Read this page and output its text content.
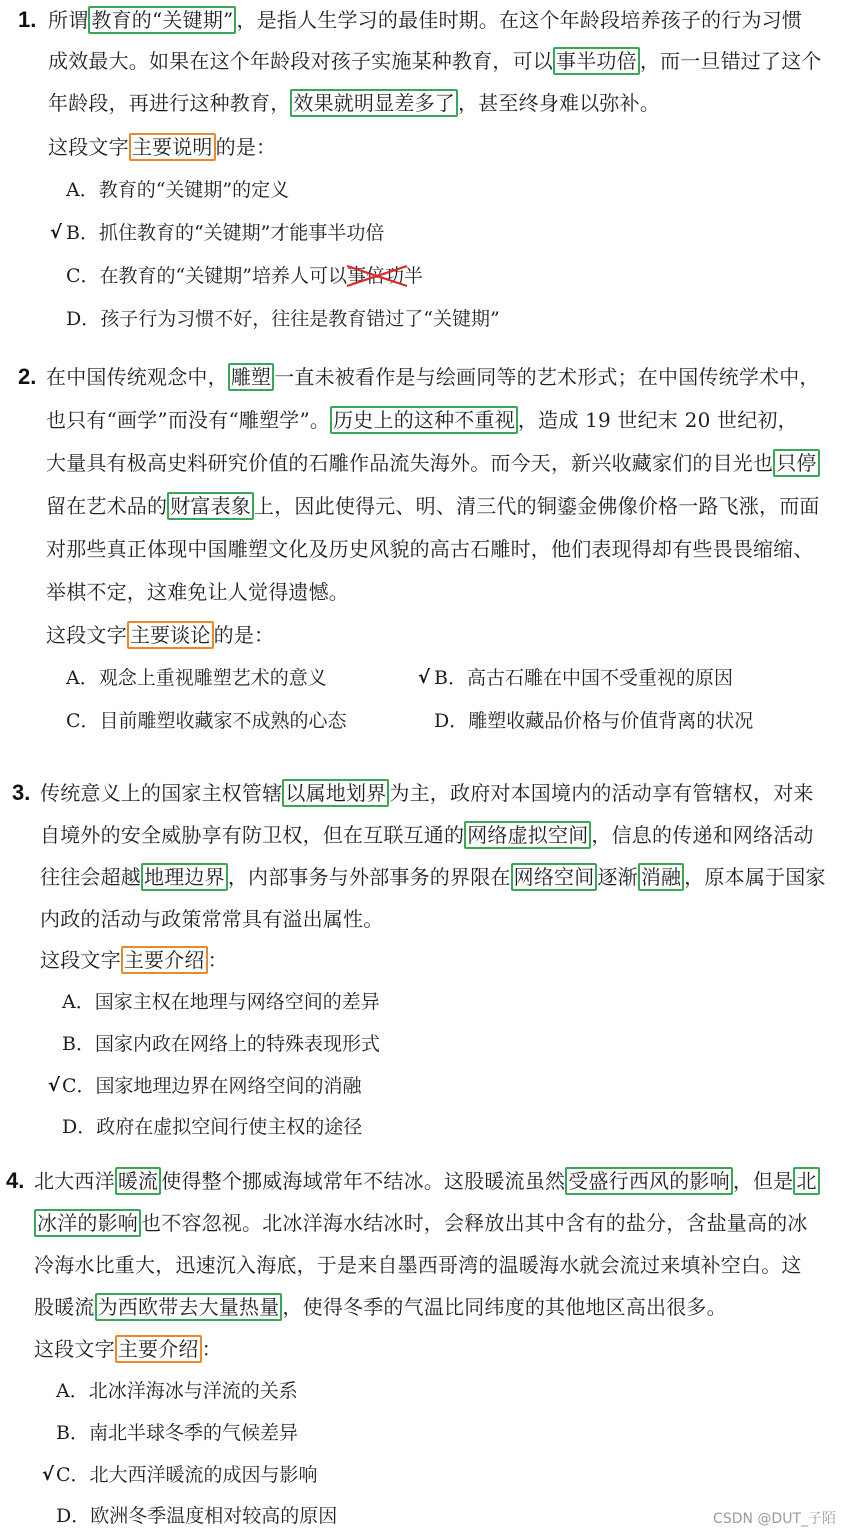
1. 所谓 教育的“关键期” ，是指人生学习的最佳时期。在这个年龄段培养孩子的行为习惯
成效最大。如果在这个年龄段对孩子实施某种教育，可以 事半功倍 ，而一旦错过了这个
年龄段，再进行这种教育， 效果就明显差多了 ，甚至终身难以弥补。
这段文字 主要说明 的是：
A．教育的“关键期”的定义
√ B．抓住教育的“关键期”才能事半功倍
C．在教育的“关键期”培养人可以事倍功
半
D．孩子行为习惯不好，往往是教育错过了“关键期”
2. 在中国传统观念中， 雕塑 一直未被看作是与绘画同等的艺术形式；在中国传统学术中，
也只有“画学”而没有“雕塑学”。 历史上的这种不重视 ，造成 19 世纪末 20 世纪初，
大量具有极高史料研究价值的石雕作品流失海外。而今天，新兴收藏家们的目光也 只停
留在艺术品的 财富表象 上，因此使得元、明、清三代的铜鎏金佛像价格一路飞涨，而面
对那些真正体现中国雕塑文化及历史风貌的高古石雕时，他们表现得却有些畏畏缩缩、
举棋不定，这难免让人觉得遗憾。
这段文字 主要谈论 的是：
A．观念上重视雕塑艺术的意义	√ B．高古石雕在中国不受重视的原因
C．目前雕塑收藏家不成熟的心态	D．雕塑收藏品价格与价值背离的状况
3. 传统意义上的国家主权管辖 以属地划界 为主，政府对本国境内的活动享有管辖权，对来
自境外的安全威胁享有防卫权，但在互联互通的 网络虚拟空间 ，信息的传递和网络活动
往往会超越 地理边界 ，内部事务与外部事务的界限在 网络空间 逐渐 消融 ，原本属于国家
内政的活动与政策常常具有溢出属性。
这段文字 主要介绍 ：
A．国家主权在地理与网络空间的差异
B．国家内政在网络上的特殊表现形式
√ C．国家地理边界在网络空间的消融
D．政府在虚拟空间行使主权的途径
4. 北大西洋 暖流 使得整个挪威海域常年不结冰。这股暖流虽然 受盛行西风的影响 ，但是 北
冰洋的影响 也不容忽视。北冰洋海水结冰时，会释放出其中含有的盐分，含盐量高的冰
冷海水比重大，迅速沉入海底，于是来自墨西哥湾的温暖海水就会流过来填补空白。这
股暖流 为西欧带去大量热量 ，使得冬季的气温比同纬度的其他地区高出很多。
这段文字 主要介绍 ：
A．北冰洋海冰与洋流的关系
B．南北半球冬季的气候差异
√ C．北大西洋暖流的成因与影响
D．欧洲冬季温度相对较高的原因	CSDN @DUT_子陌
